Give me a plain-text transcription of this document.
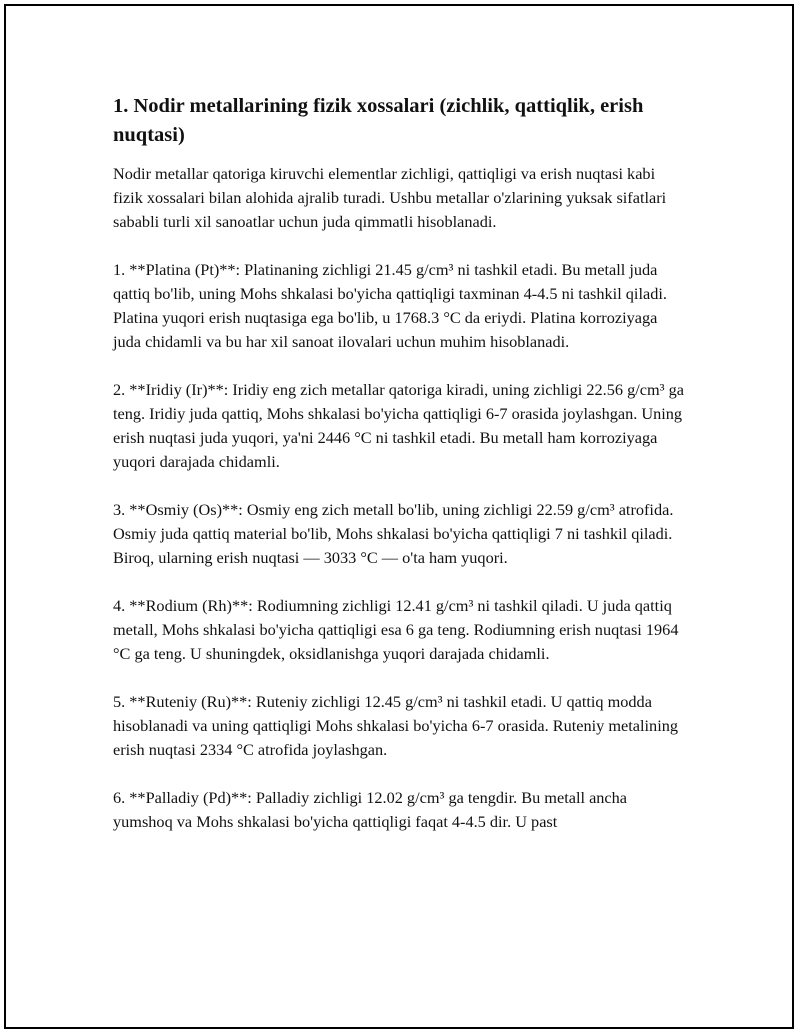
1. Nodir metallarining fizik xossalari (zichlik, qattiqlik, erish nuqtasi)

Nodir metallar qatoriga kiruvchi elementlar zichligi, qattiqligi va erish nuqtasi kabi fizik xossalari bilan alohida ajralib turadi. Ushbu metallar o'zlarining yuksak sifatlari sababli turli xil sanoatlar uchun juda qimmatli hisoblanadi.

1. **Platina (Pt)**: Platinaning zichligi 21.45 g/cm³ ni tashkil etadi. Bu metall juda qattiq bo'lib, uning Mohs shkalasi bo'yicha qattiqligi taxminan 4-4.5 ni tashkil qiladi. Platina yuqori erish nuqtasiga ega bo'lib, u 1768.3 °C da eriydi. Platina korroziyaga juda chidamli va bu har xil sanoat ilovalari uchun muhim hisoblanadi.

2. **Iridiy (Ir)**: Iridiy eng zich metallar qatoriga kiradi, uning zichligi 22.56 g/cm³ ga teng. Iridiy juda qattiq, Mohs shkalasi bo'yicha qattiqligi 6-7 orasida joylashgan. Uning erish nuqtasi juda yuqori, ya'ni 2446 °C ni tashkil etadi. Bu metall ham korroziyaga yuqori darajada chidamli.

3. **Osmiy (Os)**: Osmiy eng zich metall bo'lib, uning zichligi 22.59 g/cm³ atrofida. Osmiy juda qattiq material bo'lib, Mohs shkalasi bo'yicha qattiqligi 7 ni tashkil qiladi. Biroq, ularning erish nuqtasi — 3033 °C — o'ta ham yuqori.

4. **Rodium (Rh)**: Rodiumning zichligi 12.41 g/cm³ ni tashkil qiladi. U juda qattiq metall, Mohs shkalasi bo'yicha qattiqligi esa 6 ga teng. Rodiumning erish nuqtasi 1964 °C ga teng. U shuningdek, oksidlanishga yuqori darajada chidamli.

5. **Ruteniy (Ru)**: Ruteniy zichligi 12.45 g/cm³ ni tashkil etadi. U qattiq modda hisoblanadi va uning qattiqligi Mohs shkalasi bo'yicha 6-7 orasida. Ruteniy metalining erish nuqtasi 2334 °C atrofida joylashgan.

6. **Palladiy (Pd)**: Palladiy zichligi 12.02 g/cm³ ga tengdir. Bu metall ancha yumshoq va Mohs shkalasi bo'yicha qattiqligi faqat 4-4.5 dir. U past
